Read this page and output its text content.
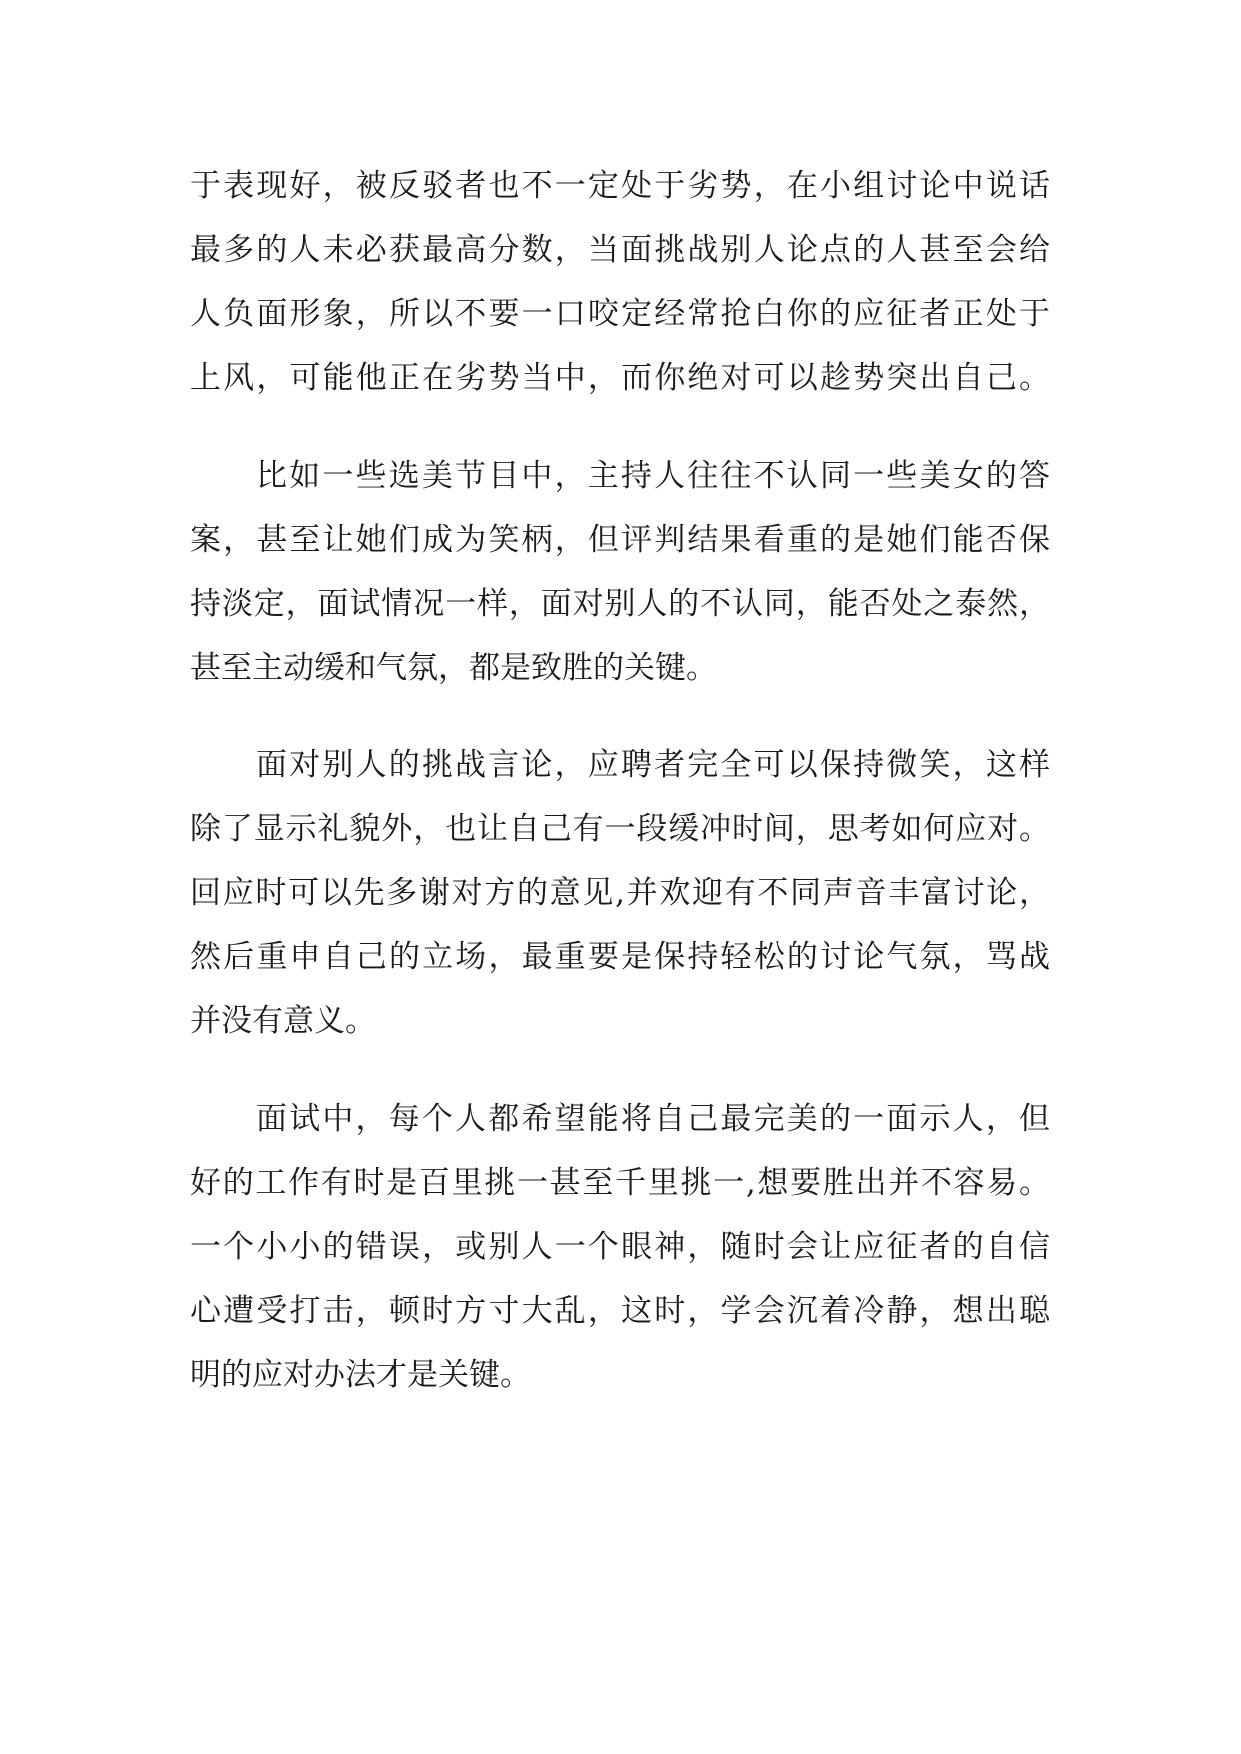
于表现好，被反驳者也不一定处于劣势，在小组讨论中说话
最多的人未必获最高分数，当面挑战别人论点的人甚至会给
人负面形象，所以不要一口咬定经常抢白你的应征者正处于
上风，可能他正在劣势当中，而你绝对可以趁势突出自己。
比如一些选美节目中，主持人往往不认同一些美女的答
案，甚至让她们成为笑柄，但评判结果看重的是她们能否保
持淡定，面试情况一样，面对别人的不认同，能否处之泰然，
甚至主动缓和气氛，都是致胜的关键。
面对别人的挑战言论，应聘者完全可以保持微笑，这样
除了显示礼貌外，也让自己有一段缓冲时间，思考如何应对。
回应时可以先多谢对方的意见,并欢迎有不同声音丰富讨论，
然后重申自己的立场，最重要是保持轻松的讨论气氛，骂战
并没有意义。
面试中，每个人都希望能将自己最完美的一面示人，但
好的工作有时是百里挑一甚至千里挑一,想要胜出并不容易。
一个小小的错误，或别人一个眼神，随时会让应征者的自信
心遭受打击，顿时方寸大乱，这时，学会沉着冷静，想出聪
明的应对办法才是关键。
